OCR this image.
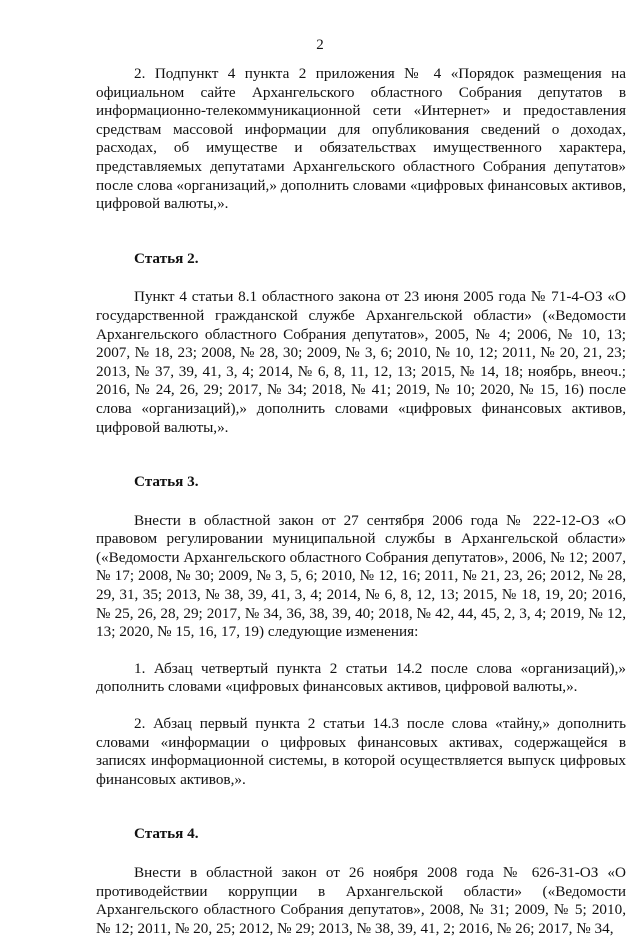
2

2. Подпункт 4 пункта 2 приложения № 4 «Порядок размещения на официальном сайте Архангельского областного Собрания депутатов в информационно-телекоммуникационной сети «Интернет» и предоставления средствам массовой информации для опубликования сведений о доходах, расходах, об имуществе и обязательствах имущественного характера, представляемых депутатами Архангельского областного Собрания депутатов» после слова «организаций,» дополнить словами «цифровых финансовых активов, цифровой валюты,».

Статья 2.

Пункт 4 статьи 8.1 областного закона от 23 июня 2005 года № 71-4-ОЗ «О государственной гражданской службе Архангельской области» («Ведомости Архангельского областного Собрания депутатов», 2005, № 4; 2006, № 10, 13; 2007, № 18, 23; 2008, № 28, 30; 2009, № 3, 6; 2010, № 10, 12; 2011, № 20, 21, 23; 2013, № 37, 39, 41, 3, 4; 2014, № 6, 8, 11, 12, 13; 2015, № 14, 18; ноябрь, внеоч.; 2016, № 24, 26, 29; 2017, № 34; 2018, № 41; 2019, № 10; 2020, № 15, 16) после слова «организаций),» дополнить словами «цифровых финансовых активов, цифровой валюты,».

Статья 3.

Внести в областной закон от 27 сентября 2006 года № 222-12-ОЗ «О правовом регулировании муниципальной службы в Архангельской области» («Ведомости Архангельского областного Собрания депутатов», 2006, № 12; 2007, № 17; 2008, № 30; 2009, № 3, 5, 6; 2010, № 12, 16; 2011, № 21, 23, 26; 2012, № 28, 29, 31, 35; 2013, № 38, 39, 41, 3, 4; 2014, № 6, 8, 12, 13; 2015, № 18, 19, 20; 2016, № 25, 26, 28, 29; 2017, № 34, 36, 38, 39, 40; 2018, № 42, 44, 45, 2, 3, 4; 2019, № 12, 13; 2020, № 15, 16, 17, 19) следующие изменения:

1. Абзац четвертый пункта 2 статьи 14.2 после слова «организаций),» дополнить словами «цифровых финансовых активов, цифровой валюты,».

2. Абзац первый пункта 2 статьи 14.3 после слова «тайну,» дополнить словами «информации о цифровых финансовых активах, содержащейся в записях информационной системы, в которой осуществляется выпуск цифровых финансовых активов,».

Статья 4.

Внести в областной закон от 26 ноября 2008 года № 626-31-ОЗ «О противодействии коррупции в Архангельской области» («Ведомости Архангельского областного Собрания депутатов», 2008, № 31; 2009, № 5; 2010, № 12; 2011, № 20, 25; 2012, № 29; 2013, № 38, 39, 41, 2; 2016, № 26; 2017, № 34,
